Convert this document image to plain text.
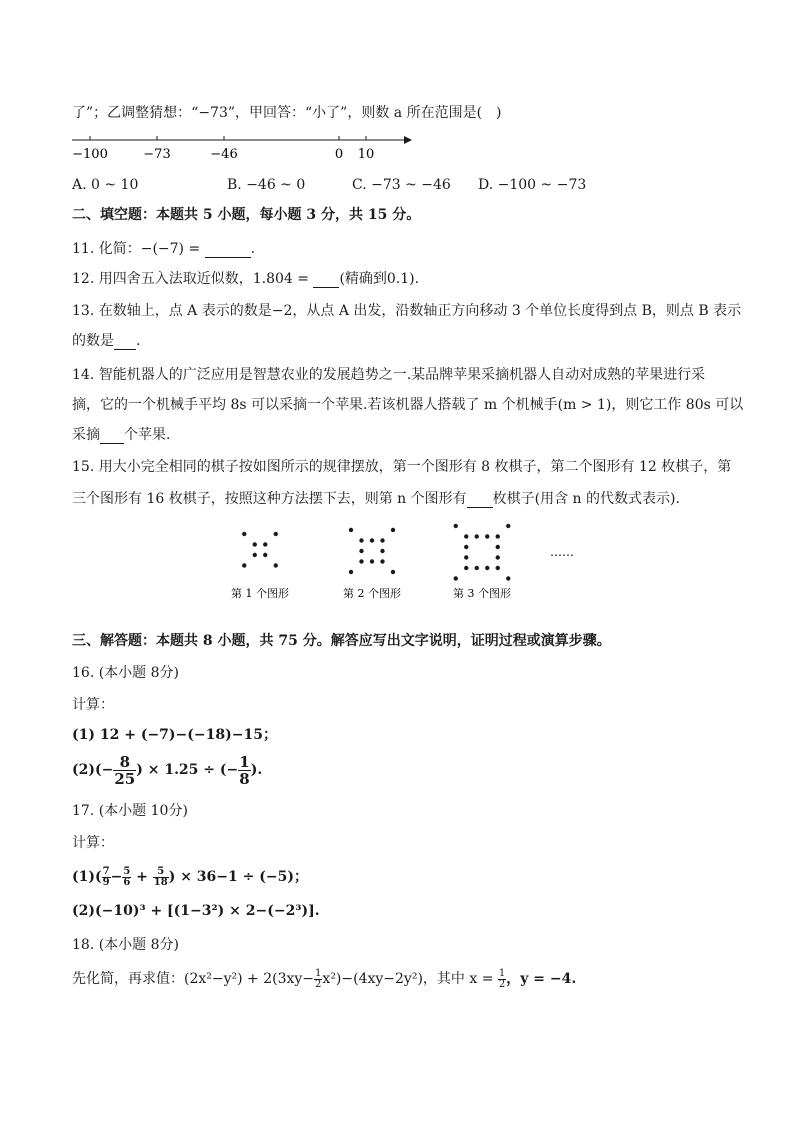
了”；乙调整猜想：“−73”，甲回答：“小了”，则数 a 所在范围是(　)
−100	−73	−46	0 10
A. 0 ~ 10	B. −46 ~ 0	C. −73 ~ −46 D. −100 ~ −73
二、填空题：本题共 5 小题，每小题 3 分，共 15 分。
11. 化简：−(−7) =	.
12. 用四舍五入法取近似数，1.804 = (精确到0.1).
13. 在数轴上，点 A 表示的数是−2，从点 A 出发，沿数轴正方向移动 3 个单位长度得到点 B，则点 B 表示
的数是 .
14. 智能机器人的广泛应用是智慧农业的发展趋势之一.某品牌苹果采摘机器人自动对成熟的苹果进行采
摘，它的一个机械手平均 8s 可以采摘一个苹果.若该机器人搭载了 m 个机械手(m > 1)，则它工作 80s 可以
采摘 个苹果.
15. 用大小完全相同的棋子按如图所示的规律摆放，第一个图形有 8 枚棋子，第二个图形有 12 枚棋子，第
三个图形有 16 枚棋子，按照这种方法摆下去，则第 n 个图形有 枚棋子(用含 n 的代数式表示).
第 1 个图形	第 2 个图形	第 3 个图形
……
三、解答题：本题共 8 小题，共 75 分。解答应写出文字说明，证明过程或演算步骤。
16. (本小题 8分)
计算：
(1) 12 + (−7)−(−18)−15；
$(2)(- \frac{8}{25}$ ) × 1.25 ÷ (− $\frac{1}{8}$ ).
17. (本小题 10分)
计算：
$(1)( \frac{7}{9} - \frac{5}{6} + \frac{5}{18}$ ) × 36−1 ÷ (−5)；
(2)(−10)³ + [(1−3²) × 2−(−2³)].
18. (本小题 8分)
先化简，再求值：$(2x^2-y^2) + 2(3xy- \frac{1}{2} x^2)-(4xy-2y^2)$，其中 $x = \frac{1}{2}$ ，y = −4.
